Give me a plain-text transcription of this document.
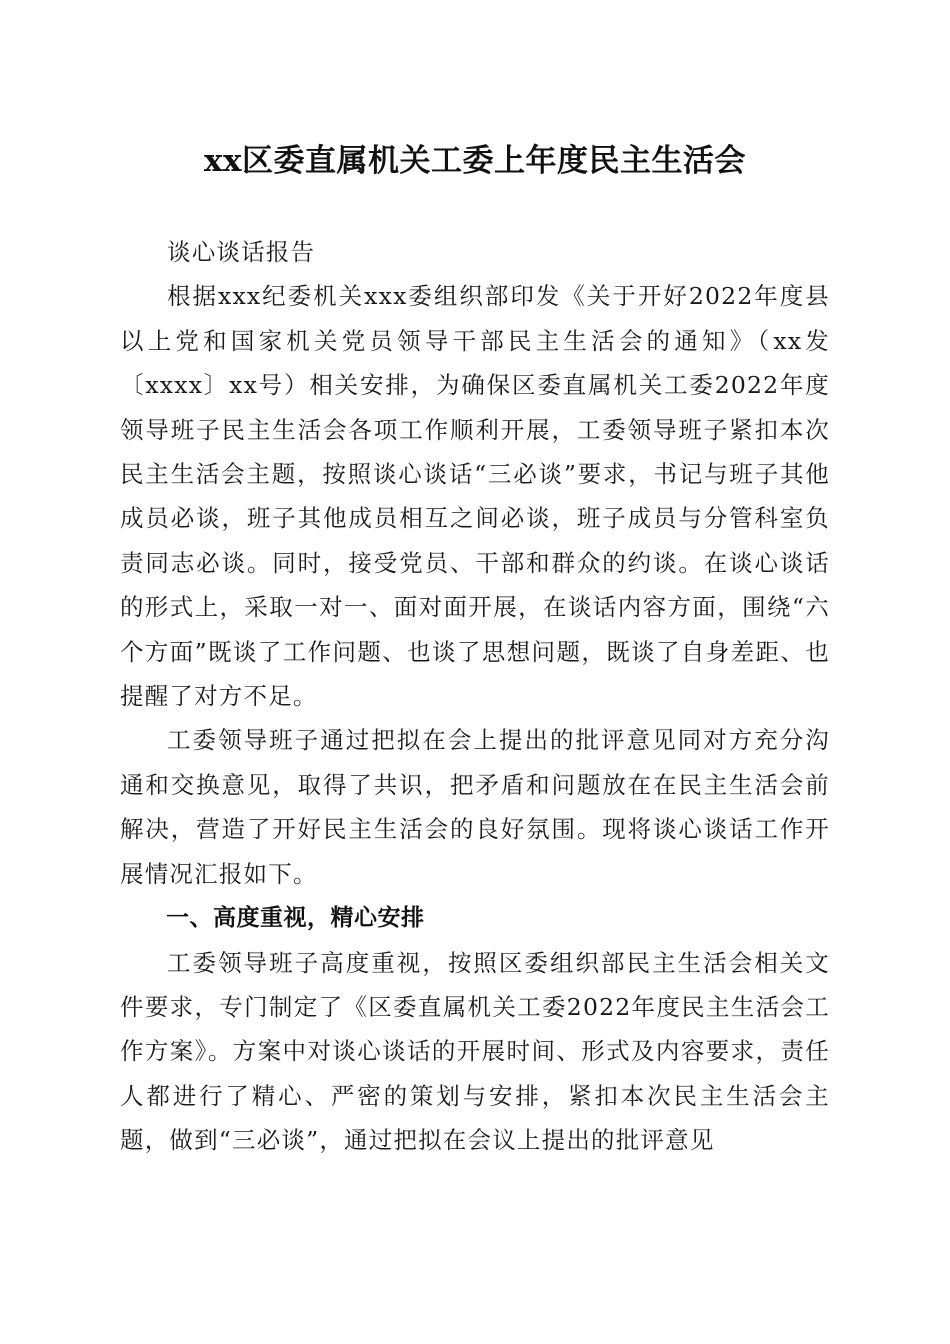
xx区委直属机关工委上年度民主生活会

谈心谈话报告

根据xxx纪委机关xxx委组织部印发《关于开好2022年度县以上党和国家机关党员领导干部民主生活会的通知》（xx发〔xxxx〕xx号）相关安排，为确保区委直属机关工委2022年度领导班子民主生活会各项工作顺利开展，工委领导班子紧扣本次民主生活会主题，按照谈心谈话“三必谈”要求，书记与班子其他成员必谈，班子其他成员相互之间必谈，班子成员与分管科室负责同志必谈。同时，接受党员、干部和群众的约谈。在谈心谈话的形式上，采取一对一、面对面开展，在谈话内容方面，围绕“六个方面”既谈了工作问题、也谈了思想问题，既谈了自身差距、也提醒了对方不足。

工委领导班子通过把拟在会上提出的批评意见同对方充分沟通和交换意见，取得了共识，把矛盾和问题放在在民主生活会前解决，营造了开好民主生活会的良好氛围。现将谈心谈话工作开展情况汇报如下。

一、高度重视，精心安排

工委领导班子高度重视，按照区委组织部民主生活会相关文件要求，专门制定了《区委直属机关工委2022年度民主生活会工作方案》。方案中对谈心谈话的开展时间、形式及内容要求，责任人都进行了精心、严密的策划与安排，紧扣本次民主生活会主题，做到“三必谈”，通过把拟在会议上提出的批评意见
